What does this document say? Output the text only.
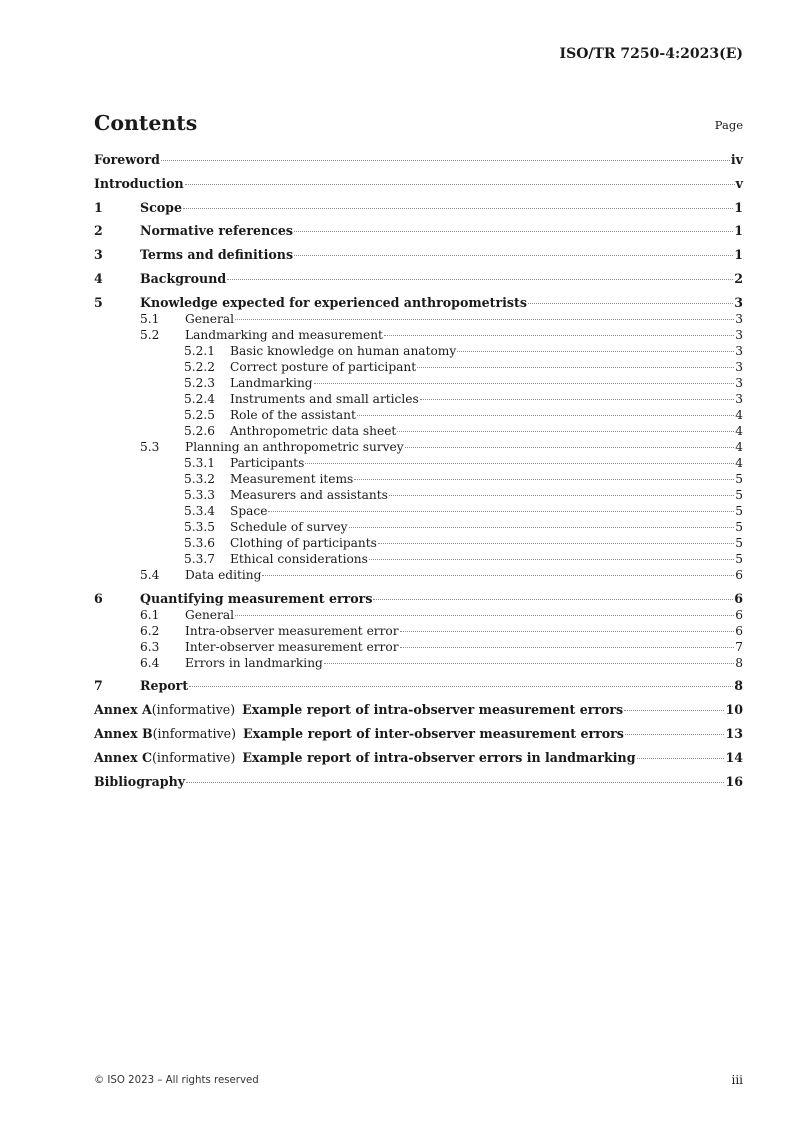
ISO/TR 7250-4:2023(E)
Contents	Page
Foreword	iv
Introduction	v
1	Scope	1
2	Normative references	1
3	Terms and definitions	1
4	Background	2
5	Knowledge expected for experienced anthropometrists	3
5.1	General	3
5.2	Landmarking and measurement	3
5.2.1	Basic knowledge on human anatomy	3
5.2.2	Correct posture of participant	3
5.2.3	Landmarking	3
5.2.4	Instruments and small articles	3
5.2.5	Role of the assistant	4
5.2.6	Anthropometric data sheet	4
5.3	Planning an anthropometric survey	4
5.3.1	Participants	4
5.3.2	Measurement items	5
5.3.3	Measurers and assistants	5
5.3.4	Space	5
5.3.5	Schedule of survey	5
5.3.6	Clothing of participants	5
5.3.7	Ethical considerations	5
5.4	Data editing	6
6	Quantifying measurement errors	6
6.1	General	6
6.2	Intra-observer measurement error	6
6.3	Inter-observer measurement error	7
6.4	Errors in landmarking	8
7	Report	8
Annex A (informative) Example report of intra-observer measurement errors	10
Annex B (informative) Example report of inter-observer measurement errors	13
Annex C (informative) Example report of intra-observer errors in landmarking	14
Bibliography	16
© ISO 2023 – All rights reserved	iii
